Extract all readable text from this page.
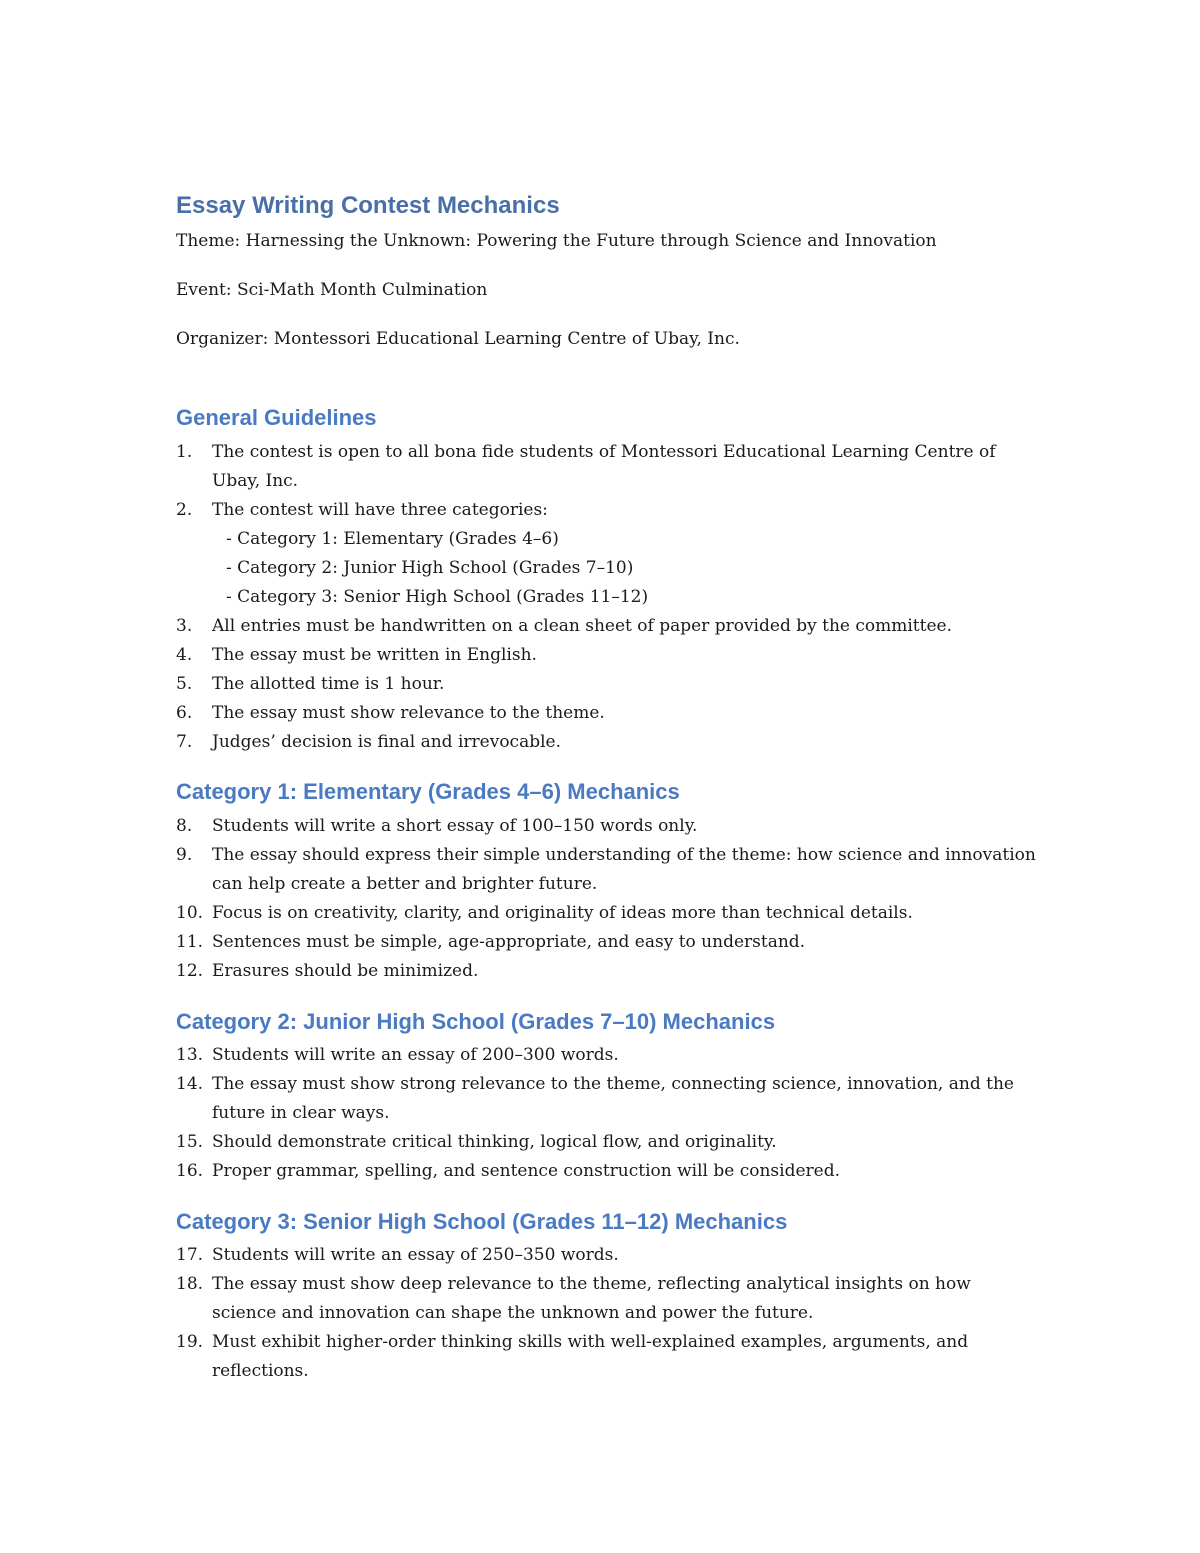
Essay Writing Contest Mechanics

Theme: Harnessing the Unknown: Powering the Future through Science and Innovation

Event: Sci-Math Month Culmination

Organizer: Montessori Educational Learning Centre of Ubay, Inc.

General Guidelines
1.	The contest is open to all bona fide students of Montessori Educational Learning Centre of Ubay, Inc.
2.	The contest will have three categories:
- Category 1: Elementary (Grades 4–6)
- Category 2: Junior High School (Grades 7–10)
- Category 3: Senior High School (Grades 11–12)
3.	All entries must be handwritten on a clean sheet of paper provided by the committee.
4.	The essay must be written in English.
5.	The allotted time is 1 hour.
6.	The essay must show relevance to the theme.
7.	Judges’ decision is final and irrevocable.
Category 1: Elementary (Grades 4–6) Mechanics
8.	Students will write a short essay of 100–150 words only.
9.	The essay should express their simple understanding of the theme: how science and innovation can help create a better and brighter future.
10. Focus is on creativity, clarity, and originality of ideas more than technical details.
11. Sentences must be simple, age-appropriate, and easy to understand.
12. Erasures should be minimized.
Category 2: Junior High School (Grades 7–10) Mechanics
13. Students will write an essay of 200–300 words.
14. The essay must show strong relevance to the theme, connecting science, innovation, and the future in clear ways.
15. Should demonstrate critical thinking, logical flow, and originality.
16. Proper grammar, spelling, and sentence construction will be considered.
Category 3: Senior High School (Grades 11–12) Mechanics
17. Students will write an essay of 250–350 words.
18. The essay must show deep relevance to the theme, reflecting analytical insights on how science and innovation can shape the unknown and power the future.
19. Must exhibit higher-order thinking skills with well-explained examples, arguments, and reflections.
